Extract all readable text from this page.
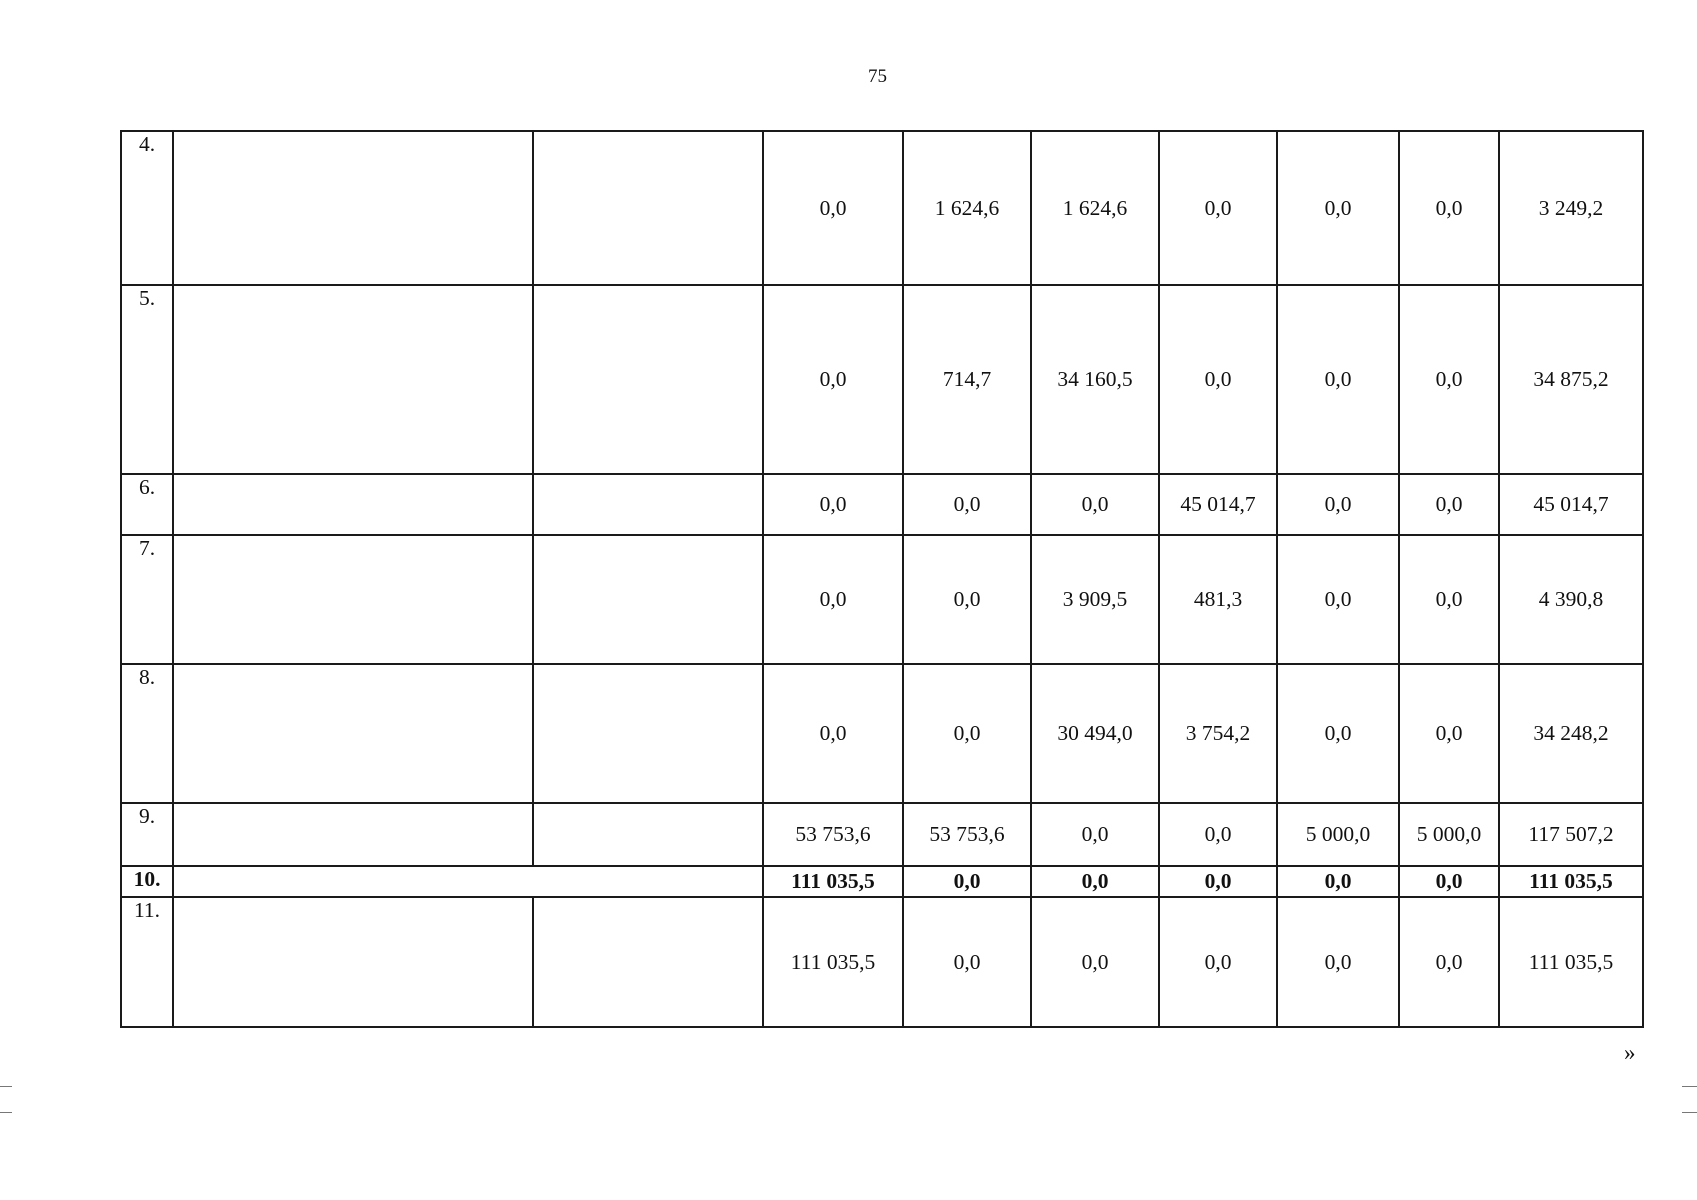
75
4.			0,0	1 624,6	1 624,6	0,0	0,0	0,0	3 249,2
5.			0,0	714,7	34 160,5	0,0	0,0	0,0	34 875,2
6.			0,0	0,0	0,0	45 014,7	0,0	0,0	45 014,7
7.			0,0	0,0	3 909,5	481,3	0,0	0,0	4 390,8
8.			0,0	0,0	30 494,0	3 754,2	0,0	0,0	34 248,2
9.			53 753,6	53 753,6	0,0	0,0	5 000,0	5 000,0	117 507,2
10.			111 035,5	0,0	0,0	0,0	0,0	0,0	111 035,5
11.			111 035,5	0,0	0,0	0,0	0,0	0,0	111 035,5
»
